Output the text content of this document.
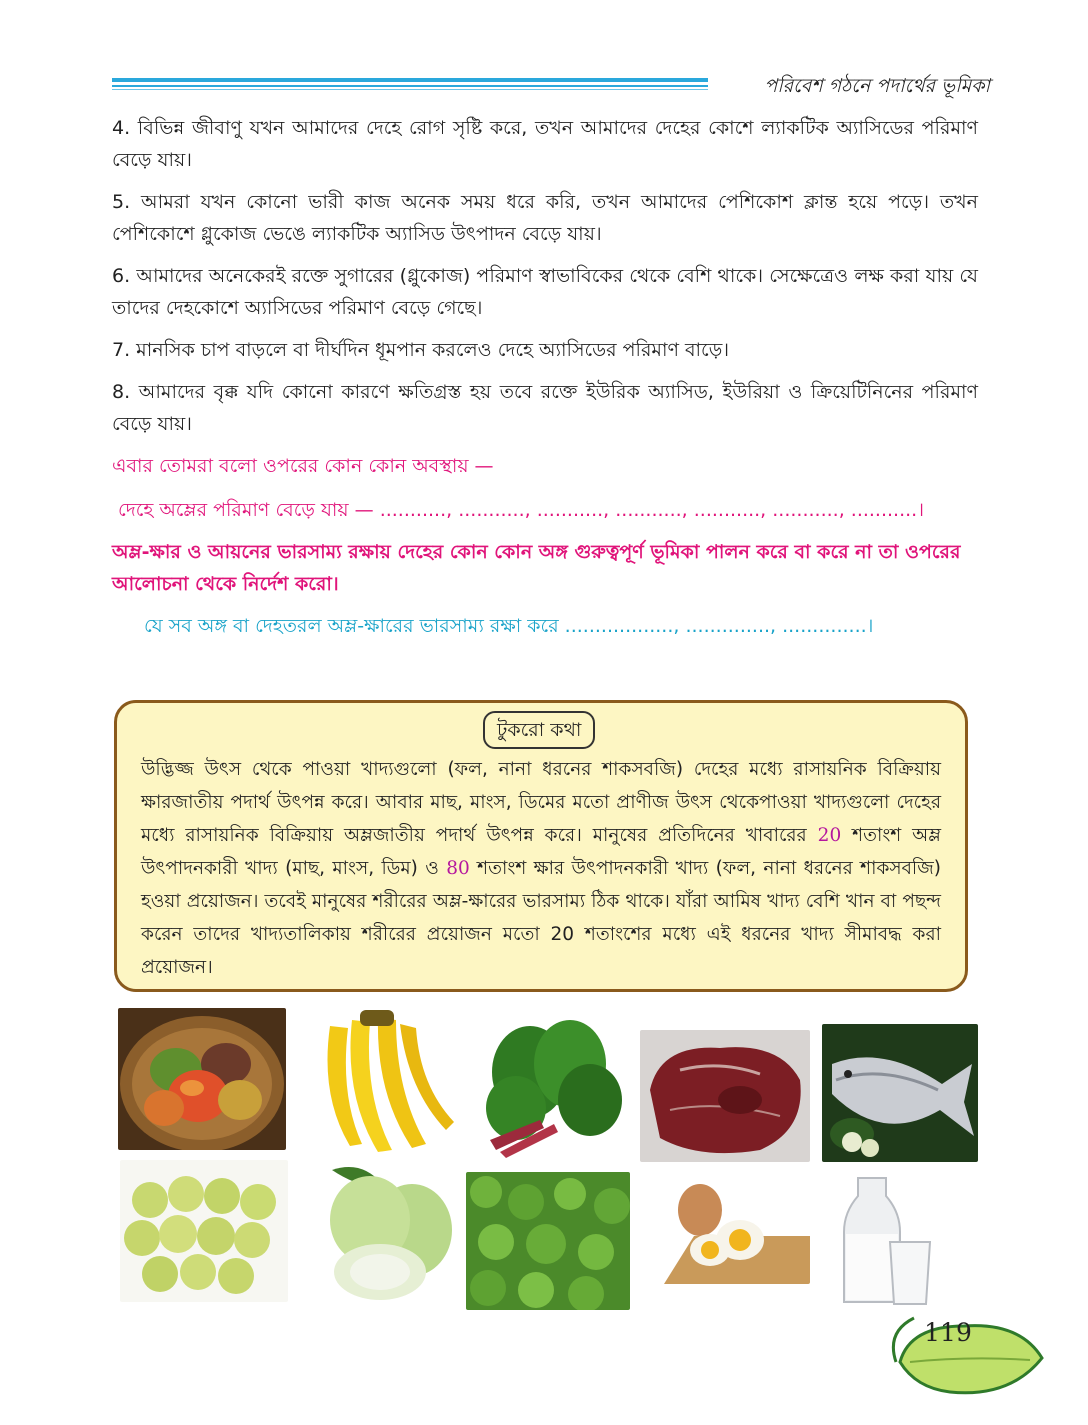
পরিবেশ গঠনে পদার্থের ভূমিকা

4. বিভিন্ন জীবাণু যখন আমাদের দেহে রোগ সৃষ্টি করে, তখন আমাদের দেহের কোশে ল্যাকটিক অ্যাসিডের পরিমাণ বেড়ে যায়।

5. আমরা যখন কোনো ভারী কাজ অনেক সময় ধরে করি, তখন আমাদের পেশিকোশ ক্লান্ত হয়ে পড়ে। তখন পেশিকোশে গ্লুকোজ ভেঙে ল্যাকটিক অ্যাসিড উৎপাদন বেড়ে যায়।

6. আমাদের অনেকেরই রক্তে সুগারের (গ্লুকোজ) পরিমাণ স্বাভাবিকের থেকে বেশি থাকে। সেক্ষেত্রেও লক্ষ করা যায় যে তাদের দেহকোশে অ্যাসিডের পরিমাণ বেড়ে গেছে।

7. মানসিক চাপ বাড়লে বা দীর্ঘদিন ধূমপান করলেও দেহে অ্যাসিডের পরিমাণ বাড়ে।

8. আমাদের বৃক্ক যদি কোনো কারণে ক্ষতিগ্রস্ত হয় তবে রক্তে ইউরিক অ্যাসিড, ইউরিয়া ও ক্রিয়েটিনিনের পরিমাণ বেড়ে যায়।

এবার তোমরা বলো ওপরের কোন কোন অবস্থায় —

দেহে অম্লের পরিমাণ বেড়ে যায় — ..........., ..........., ..........., ..........., ..........., ..........., ...........।

অম্ল-ক্ষার ও আয়নের ভারসাম্য রক্ষায় দেহের কোন কোন অঙ্গ গুরুত্বপূর্ণ ভূমিকা পালন করে বা করে না তা ওপরের আলোচনা থেকে নির্দেশ করো।

যে সব অঙ্গ বা দেহতরল অম্ল-ক্ষারের ভারসাম্য রক্ষা করে .................., .............., ..............।

টুকরো কথা
উদ্ভিজ্জ উৎস থেকে পাওয়া খাদ্যগুলো (ফল, নানা ধরনের শাকসবজি) দেহের মধ্যে রাসায়নিক বিক্রিয়ায় ক্ষারজাতীয় পদার্থ উৎপন্ন করে। আবার মাছ, মাংস, ডিমের মতো প্রাণীজ উৎস থেকেপাওয়া খাদ্যগুলো দেহের মধ্যে রাসায়নিক বিক্রিয়ায় অম্লজাতীয় পদার্থ উৎপন্ন করে। মানুষের প্রতিদিনের খাবারের 20 শতাংশ অম্ল উৎপাদনকারী খাদ্য (মাছ, মাংস, ডিম) ও 80 শতাংশ ক্ষার উৎপাদনকারী খাদ্য (ফল, নানা ধরনের শাকসবজি) হওয়া প্রয়োজন। তবেই মানুষের শরীরের অম্ল-ক্ষারের ভারসাম্য ঠিক থাকে। যাঁরা আমিষ খাদ্য বেশি খান বা পছন্দ করেন তাদের খাদ্যতালিকায় শরীরের প্রয়োজন মতো 20 শতাংশের মধ্যে এই ধরনের খাদ্য সীমাবদ্ধ করা প্রয়োজন।
119
